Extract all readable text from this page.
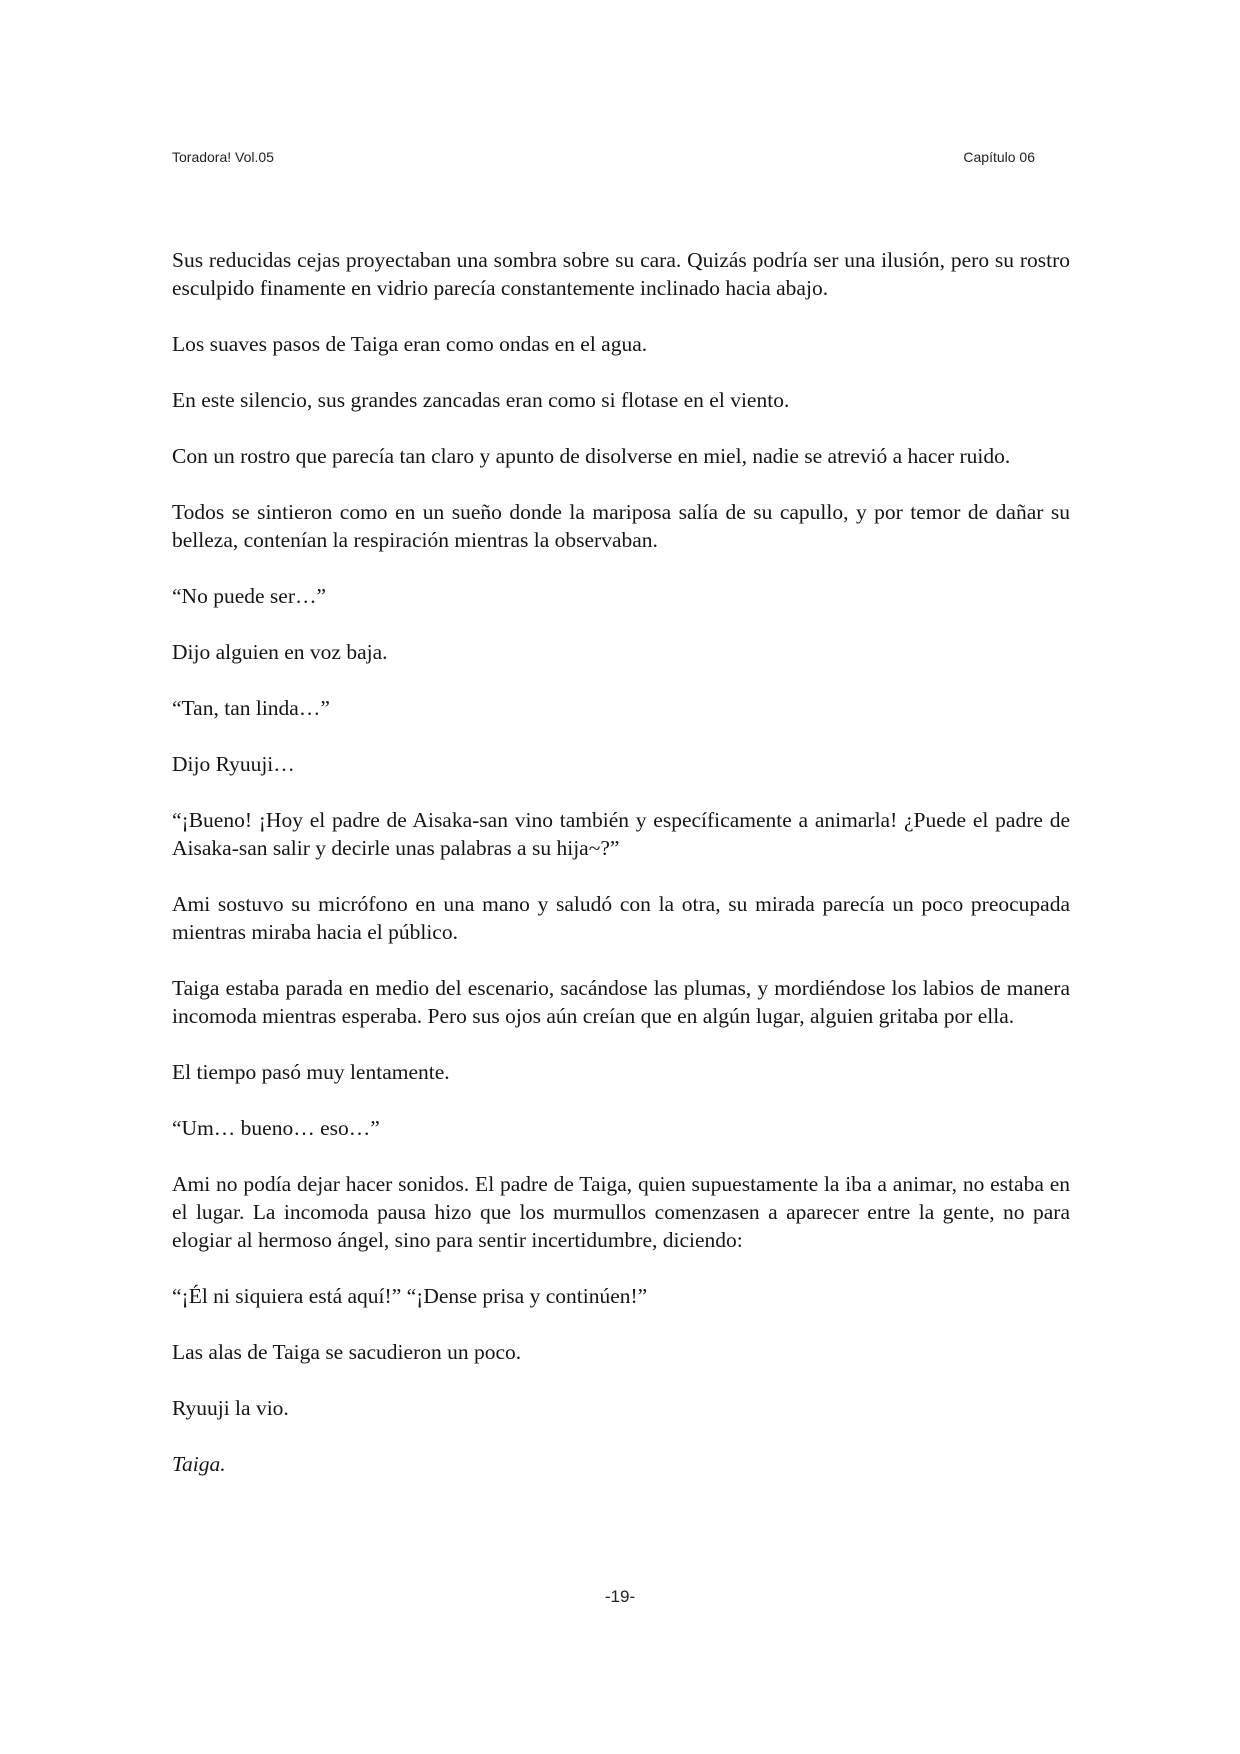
Toradora! Vol.05	Capítulo 06

Sus reducidas cejas proyectaban una sombra sobre su cara. Quizás podría ser una ilusión, pero su rostro esculpido finamente en vidrio parecía constantemente inclinado hacia abajo.

Los suaves pasos de Taiga eran como ondas en el agua.

En este silencio, sus grandes zancadas eran como si flotase en el viento.

Con un rostro que parecía tan claro y apunto de disolverse en miel, nadie se atrevió a hacer ruido.

Todos se sintieron como en un sueño donde la mariposa salía de su capullo, y por temor de dañar su belleza, contenían la respiración mientras la observaban.

“No puede ser…”

Dijo alguien en voz baja.

“Tan, tan linda…”

Dijo Ryuuji…

“¡Bueno! ¡Hoy el padre de Aisaka-san vino también y específicamente a animarla! ¿Puede el padre de Aisaka-san salir y decirle unas palabras a su hija~?”

Ami sostuvo su micrófono en una mano y saludó con la otra, su mirada parecía un poco preocupada mientras miraba hacia el público.

Taiga estaba parada en medio del escenario, sacándose las plumas, y mordiéndose los labios de manera incomoda mientras esperaba. Pero sus ojos aún creían que en algún lugar, alguien gritaba por ella.

El tiempo pasó muy lentamente.

“Um… bueno… eso…”

Ami no podía dejar hacer sonidos. El padre de Taiga, quien supuestamente la iba a animar, no estaba en el lugar. La incomoda pausa hizo que los murmullos comenzasen a aparecer entre la gente, no para elogiar al hermoso ángel, sino para sentir incertidumbre, diciendo:

“¡Él ni siquiera está aquí!” “¡Dense prisa y continúen!”

Las alas de Taiga se sacudieron un poco.

Ryuuji la vio.

Taiga.

-19-
